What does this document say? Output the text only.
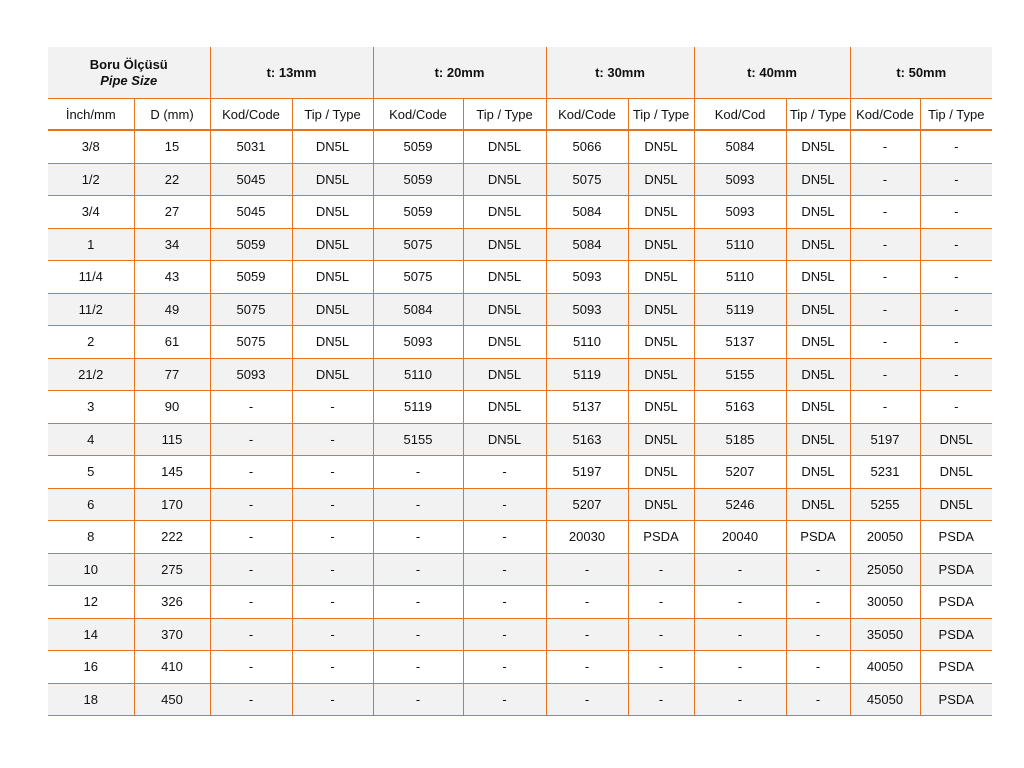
Boru Ölçüsü
Pipe Size		t: 13mm		t: 20mm		t: 30mm		t: 40mm		t: 50mm	
İnch/mm	D (mm)	Kod/Code	Tip / Type	Kod/Code	Tip / Type	Kod/Code	Tip / Type	Kod/Cod	Tip / Type	Kod/Code	Tip / Type
3/8	15	5031	DN5L	5059	DN5L	5066	DN5L	5084	DN5L	-	-
1/2	22	5045	DN5L	5059	DN5L	5075	DN5L	5093	DN5L	-	-
3/4	27	5045	DN5L	5059	DN5L	5084	DN5L	5093	DN5L	-	-
1	34	5059	DN5L	5075	DN5L	5084	DN5L	5110	DN5L	-	-
11/4	43	5059	DN5L	5075	DN5L	5093	DN5L	5110	DN5L	-	-
11/2	49	5075	DN5L	5084	DN5L	5093	DN5L	5119	DN5L	-	-
2	61	5075	DN5L	5093	DN5L	5110	DN5L	5137	DN5L	-	-
21/2	77	5093	DN5L	5110	DN5L	5119	DN5L	5155	DN5L	-	-
3	90	-	-	5119	DN5L	5137	DN5L	5163	DN5L	-	-
4	115	-	-	5155	DN5L	5163	DN5L	5185	DN5L	5197	DN5L
5	145	-	-	-	-	5197	DN5L	5207	DN5L	5231	DN5L
6	170	-	-	-	-	5207	DN5L	5246	DN5L	5255	DN5L
8	222	-	-	-	-	20030	PSDA	20040	PSDA	20050	PSDA
10	275	-	-	-	-	-	-	-	-	25050	PSDA
12	326	-	-	-	-	-	-	-	-	30050	PSDA
14	370	-	-	-	-	-	-	-	-	35050	PSDA
16	410	-	-	-	-	-	-	-	-	40050	PSDA
18	450	-	-	-	-	-	-	-	-	45050	PSDA
